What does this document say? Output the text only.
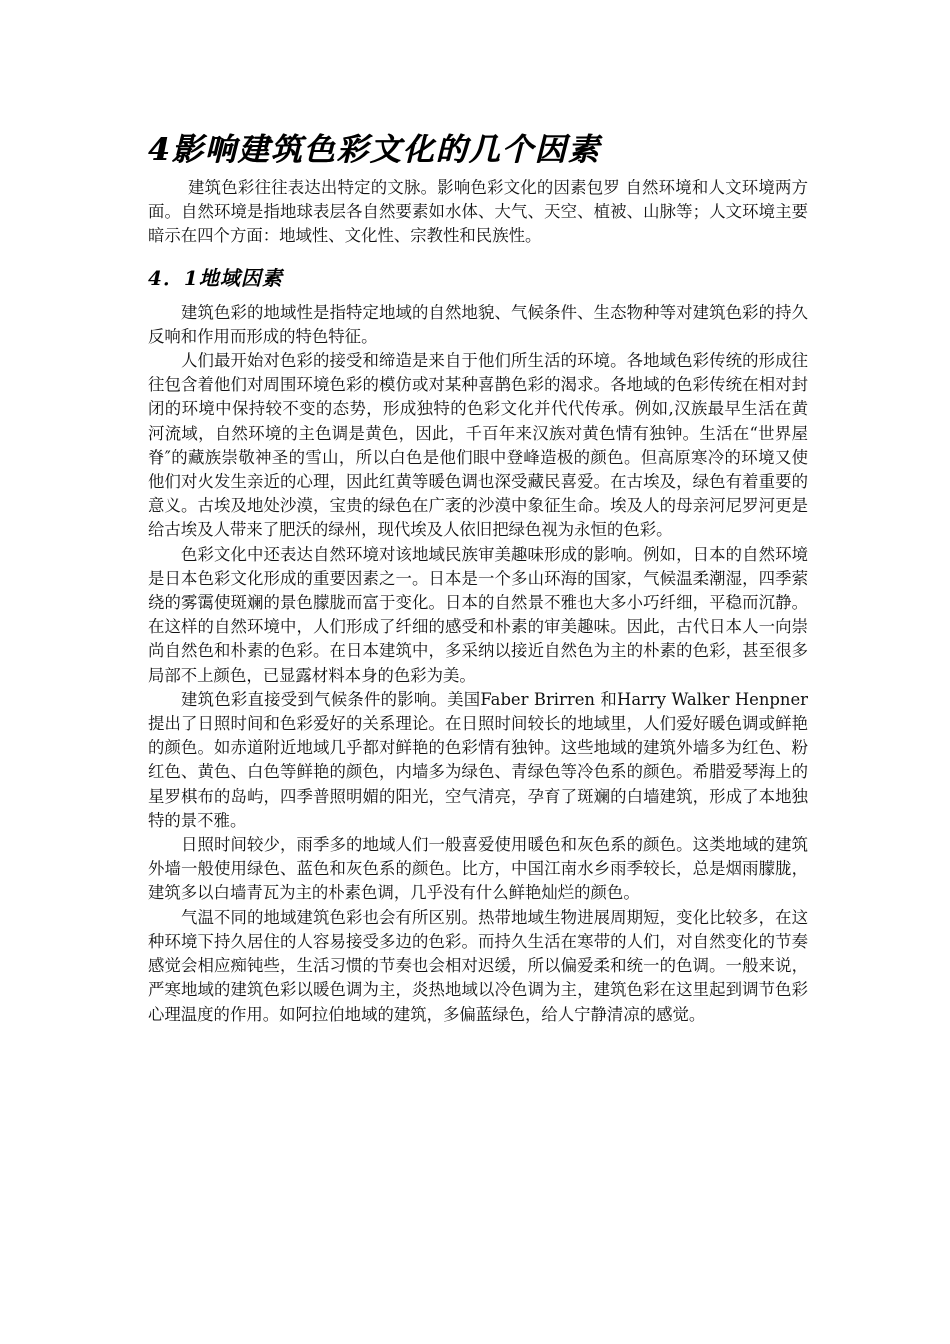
4影响建筑色彩文化的几个因素

建筑色彩往往表达出特定的文脉。影响色彩文化的因素包罗 自然环境和人文环境两方面。自然环境是指地球表层各自然要素如水体、大气、天空、植被、山脉等；人文环境主要暗示在四个方面：地域性、文化性、宗教性和民族性。

4．1地域因素

建筑色彩的地域性是指特定地域的自然地貌、气候条件、生态物种等对建筑色彩的持久反响和作用而形成的特色特征。

人们最开始对色彩的接受和缔造是来自于他们所生活的环境。各地域色彩传统的形成往往包含着他们对周围环境色彩的模仿或对某种喜鹊色彩的渴求。各地域的色彩传统在相对封闭的环境中保持较不变的态势，形成独特的色彩文化并代代传承。例如,汉族最早生活在黄河流域，自然环境的主色调是黄色，因此，千百年来汉族对黄色情有独钟。生活在“世界屋脊″的藏族崇敬神圣的雪山，所以白色是他们眼中登峰造极的颜色。但高原寒冷的环境又使他们对火发生亲近的心理，因此红黄等暖色调也深受藏民喜爱。在古埃及，绿色有着重要的意义。古埃及地处沙漠，宝贵的绿色在广袤的沙漠中象征生命。埃及人的母亲河尼罗河更是给古埃及人带来了肥沃的绿州，现代埃及人依旧把绿色视为永恒的色彩。

色彩文化中还表达自然环境对该地域民族审美趣味形成的影响。例如，日本的自然环境是日本色彩文化形成的重要因素之一。日本是一个多山环海的国家，气候温柔潮湿，四季萦绕的雾霭使斑斓的景色朦胧而富于变化。日本的自然景不雅也大多小巧纤细，平稳而沉静。在这样的自然环境中，人们形成了纤细的感受和朴素的审美趣味。因此，古代日本人一向崇尚自然色和朴素的色彩。在日本建筑中，多采纳以接近自然色为主的朴素的色彩，甚至很多局部不上颜色，已显露材料本身的色彩为美。

建筑色彩直接受到气候条件的影响。美国Faber Brirren 和Harry Walker Henpner 提出了日照时间和色彩爱好的关系理论。在日照时间较长的地域里，人们爱好暖色调或鲜艳的颜色。如赤道附近地域几乎都对鲜艳的色彩情有独钟。这些地域的建筑外墙多为红色、粉红色、黄色、白色等鲜艳的颜色，内墙多为绿色、青绿色等冷色系的颜色。希腊爱琴海上的星罗棋布的岛屿，四季普照明媚的阳光，空气清亮，孕育了斑斓的白墙建筑，形成了本地独特的景不雅。

日照时间较少，雨季多的地域人们一般喜爱使用暖色和灰色系的颜色。这类地域的建筑外墙一般使用绿色、蓝色和灰色系的颜色。比方，中国江南水乡雨季较长，总是烟雨朦胧，建筑多以白墙青瓦为主的朴素色调，几乎没有什么鲜艳灿烂的颜色。

气温不同的地域建筑色彩也会有所区别。热带地域生物进展周期短，变化比较多，在这种环境下持久居住的人容易接受多边的色彩。而持久生活在寒带的人们，对自然变化的节奏感觉会相应痴钝些，生活习惯的节奏也会相对迟缓，所以偏爱柔和统一的色调。一般来说，严寒地域的建筑色彩以暖色调为主，炎热地域以冷色调为主，建筑色彩在这里起到调节色彩心理温度的作用。如阿拉伯地域的建筑，多偏蓝绿色，给人宁静清凉的感觉。
